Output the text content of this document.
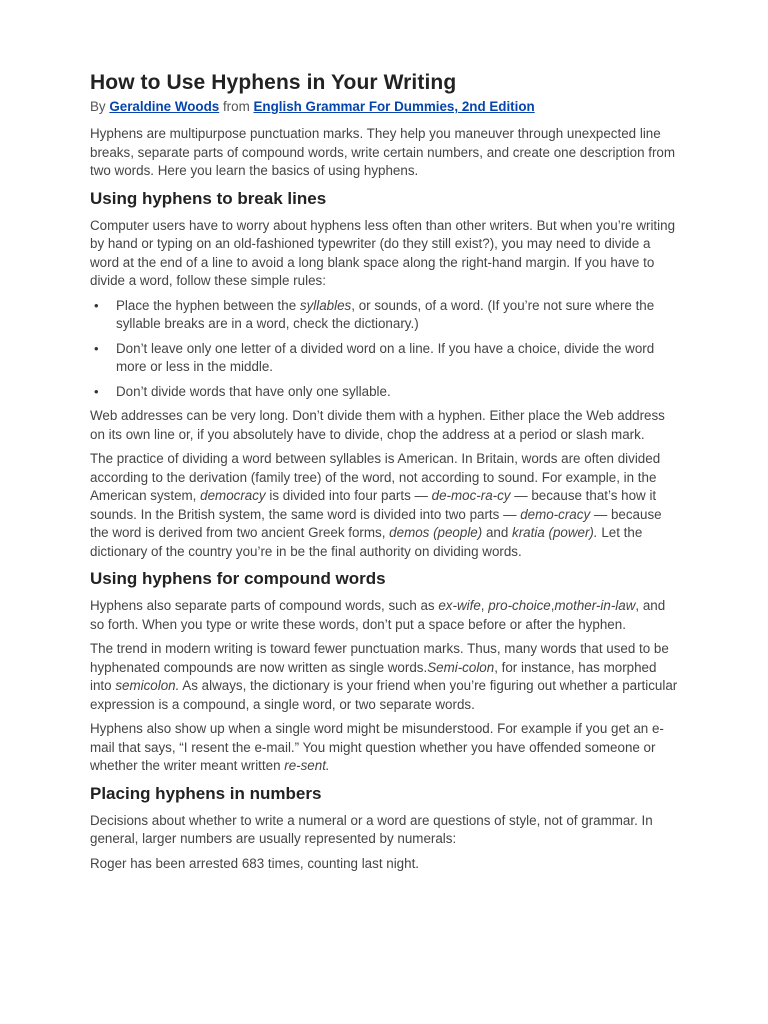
How to Use Hyphens in Your Writing
By Geraldine Woods from English Grammar For Dummies, 2nd Edition

Hyphens are multipurpose punctuation marks. They help you maneuver through unexpected line breaks, separate parts of compound words, write certain numbers, and create one description from two words. Here you learn the basics of using hyphens.

Using hyphens to break lines

Computer users have to worry about hyphens less often than other writers. But when you’re writing by hand or typing on an old-fashioned typewriter (do they still exist?), you may need to divide a word at the end of a line to avoid a long blank space along the right-hand margin. If you have to divide a word, follow these simple rules:

• Place the hyphen between the syllables, or sounds, of a word. (If you’re not sure where the syllable breaks are in a word, check the dictionary.)
• Don’t leave only one letter of a divided word on a line. If you have a choice, divide the word more or less in the middle.
• Don’t divide words that have only one syllable.

Web addresses can be very long. Don’t divide them with a hyphen. Either place the Web address on its own line or, if you absolutely have to divide, chop the address at a period or slash mark.

The practice of dividing a word between syllables is American. In Britain, words are often divided according to the derivation (family tree) of the word, not according to sound. For example, in the American system, democracy is divided into four parts — de-moc-ra-cy — because that’s how it sounds. In the British system, the same word is divided into two parts — demo-cracy — because the word is derived from two ancient Greek forms, demos (people) and kratia (power). Let the dictionary of the country you’re in be the final authority on dividing words.

Using hyphens for compound words

Hyphens also separate parts of compound words, such as ex-wife, pro-choice,mother-in-law, and so forth. When you type or write these words, don’t put a space before or after the hyphen.

The trend in modern writing is toward fewer punctuation marks. Thus, many words that used to be hyphenated compounds are now written as single words.Semi-colon, for instance, has morphed into semicolon. As always, the dictionary is your friend when you’re figuring out whether a particular expression is a compound, a single word, or two separate words.

Hyphens also show up when a single word might be misunderstood. For example if you get an e-mail that says, “I resent the e-mail.” You might question whether you have offended someone or whether the writer meant written re-sent.

Placing hyphens in numbers

Decisions about whether to write a numeral or a word are questions of style, not of grammar. In general, larger numbers are usually represented by numerals:

Roger has been arrested 683 times, counting last night.
